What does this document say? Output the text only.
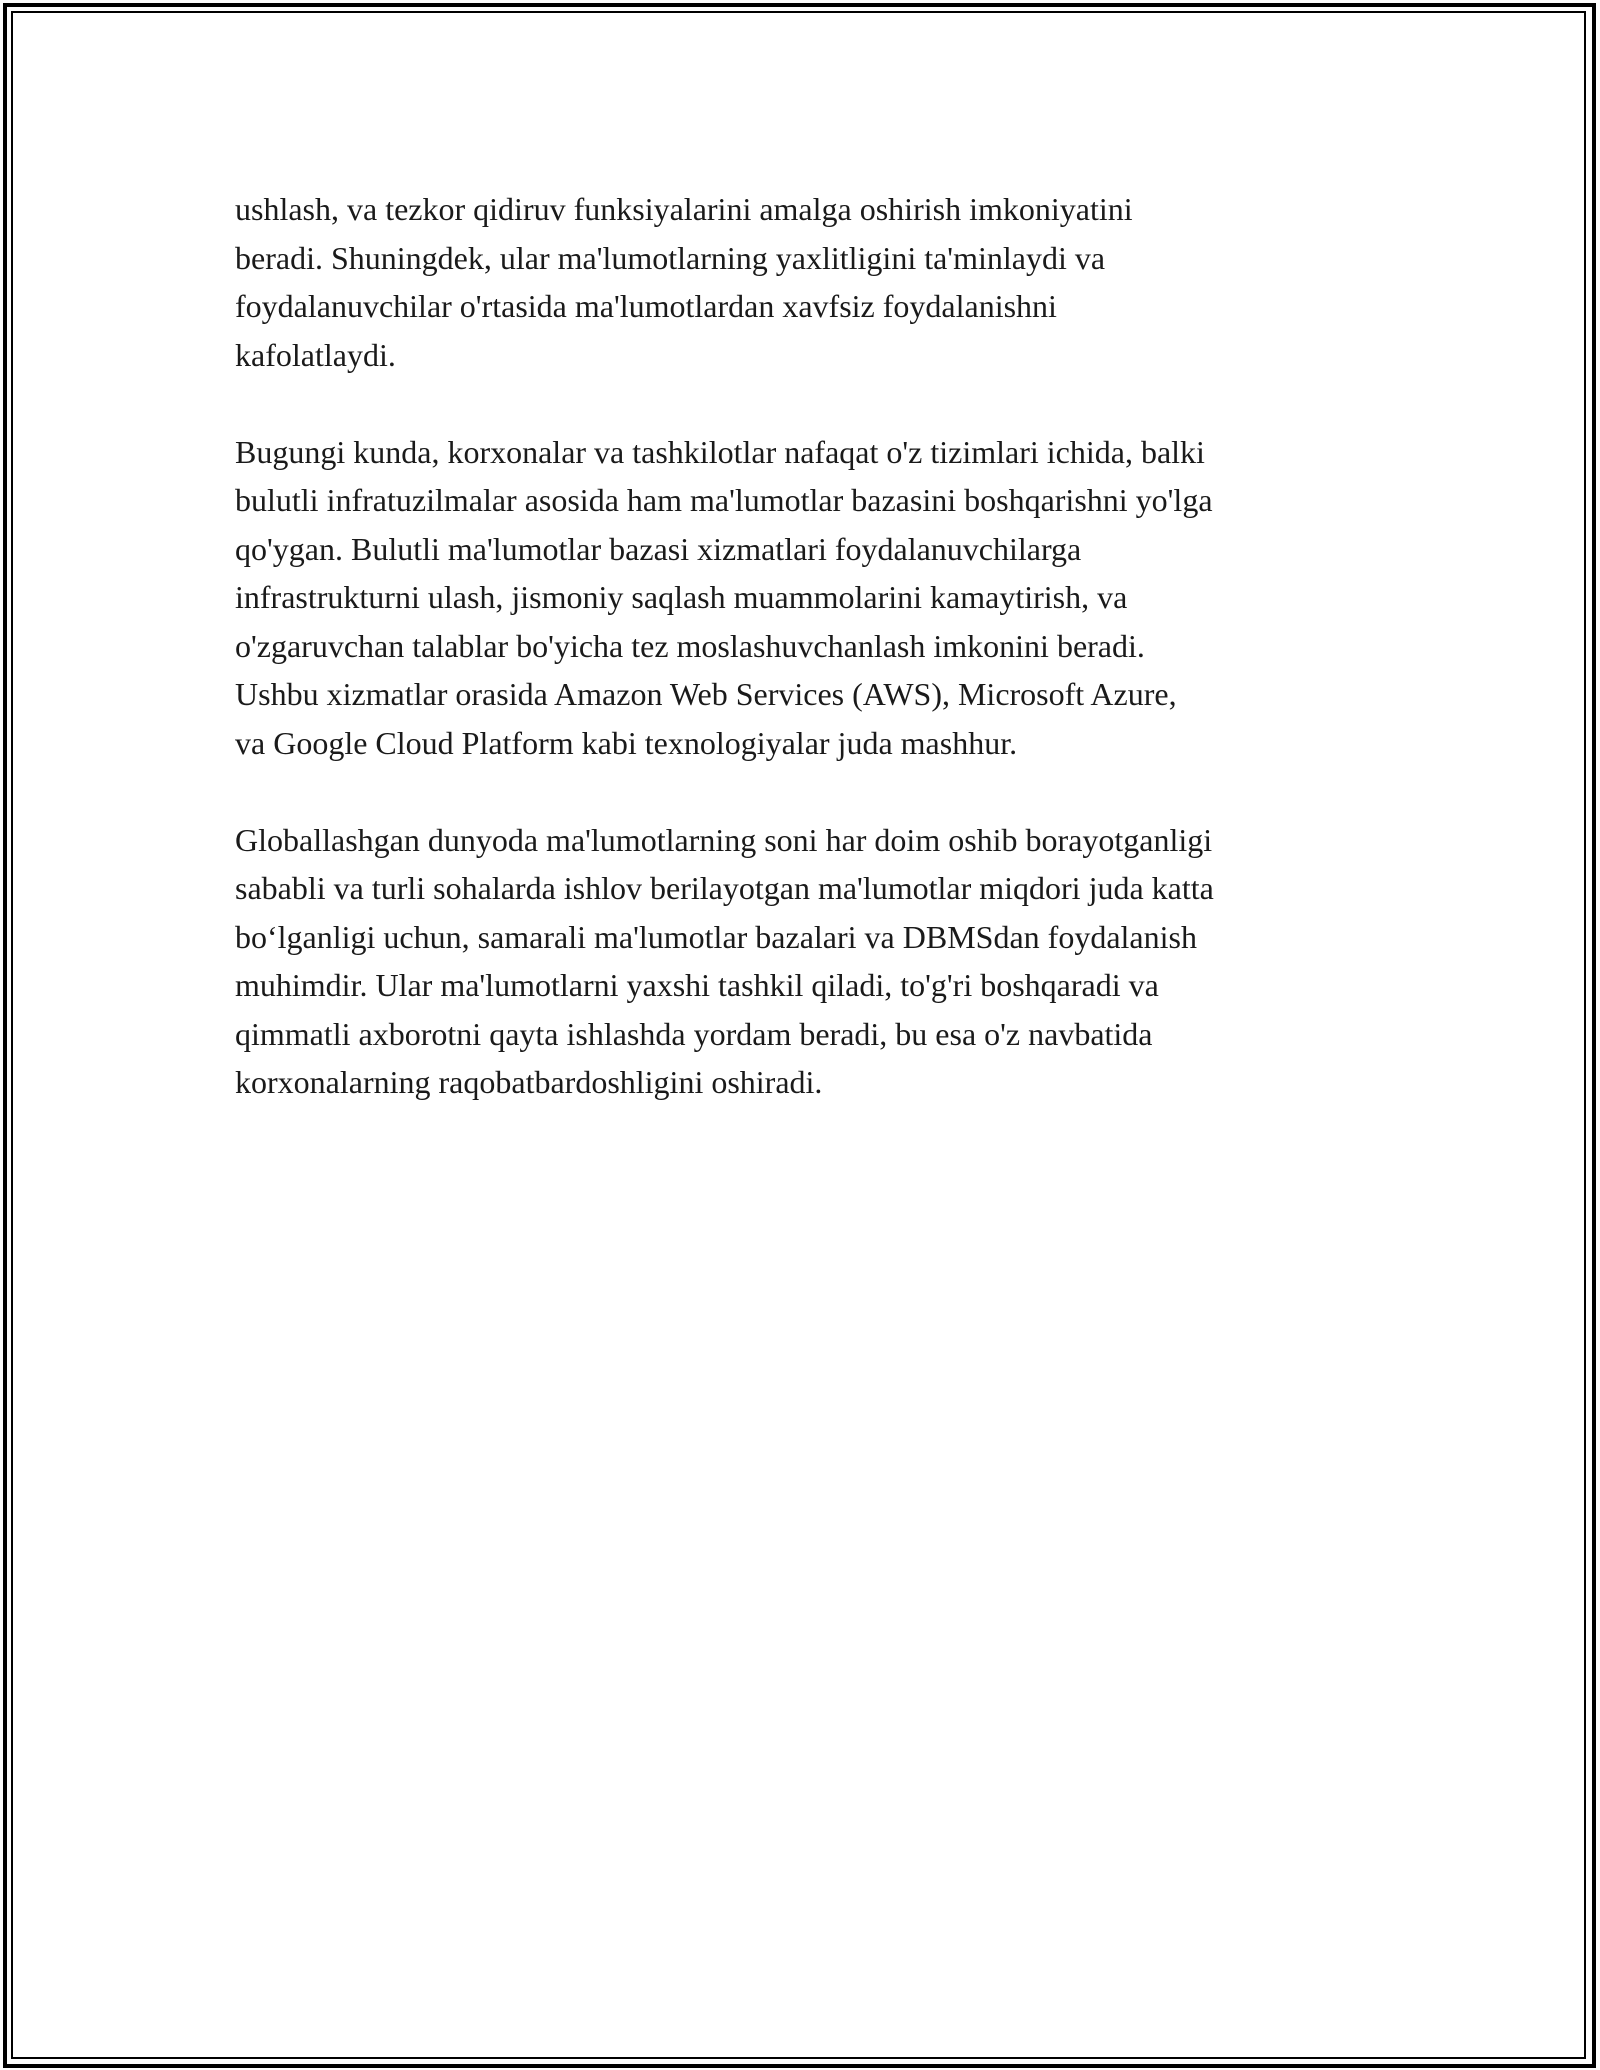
ushlash, va tezkor qidiruv funksiyalarini amalga oshirish imkoniyatini
beradi. Shuningdek, ular ma'lumotlarning yaxlitligini ta'minlaydi va
foydalanuvchilar o'rtasida ma'lumotlardan xavfsiz foydalanishni
kafolatlaydi.

Bugungi kunda, korxonalar va tashkilotlar nafaqat o'z tizimlari ichida, balki
bulutli infratuzilmalar asosida ham ma'lumotlar bazasini boshqarishni yo'lga
qo'ygan. Bulutli ma'lumotlar bazasi xizmatlari foydalanuvchilarga
infrastrukturni ulash, jismoniy saqlash muammolarini kamaytirish, va
o'zgaruvchan talablar bo'yicha tez moslashuvchanlash imkonini beradi.
Ushbu xizmatlar orasida Amazon Web Services (AWS), Microsoft Azure,
va Google Cloud Platform kabi texnologiyalar juda mashhur.

Globallashgan dunyoda ma'lumotlarning soni har doim oshib borayotganligi
sababli va turli sohalarda ishlov berilayotgan ma'lumotlar miqdori juda katta
bo‘lganligi uchun, samarali ma'lumotlar bazalari va DBMSdan foydalanish
muhimdir. Ular ma'lumotlarni yaxshi tashkil qiladi, to'g'ri boshqaradi va
qimmatli axborotni qayta ishlashda yordam beradi, bu esa o'z navbatida
korxonalarning raqobatbardoshligini oshiradi.
